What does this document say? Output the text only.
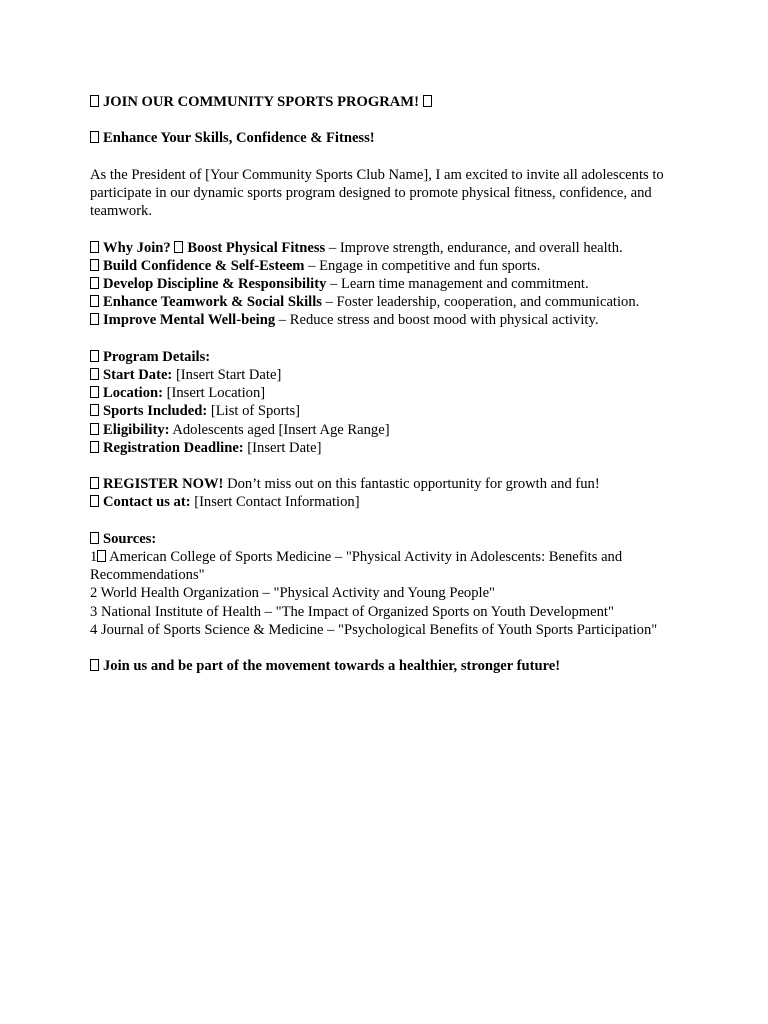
JOIN OUR COMMUNITY SPORTS PROGRAM!
Enhance Your Skills, Confidence & Fitness!
As the President of [Your Community Sports Club Name], I am excited to invite all adolescents to participate in our dynamic sports program designed to promote physical fitness, confidence, and teamwork.
Why Join? Boost Physical Fitness – Improve strength, endurance, and overall health.
Build Confidence & Self-Esteem – Engage in competitive and fun sports.
Develop Discipline & Responsibility – Learn time management and commitment.
Enhance Teamwork & Social Skills – Foster leadership, cooperation, and communication.
Improve Mental Well-being – Reduce stress and boost mood with physical activity.
Program Details:
Start Date: [Insert Start Date]
Location: [Insert Location]
Sports Included: [List of Sports]
Eligibility: Adolescents aged [Insert Age Range]
Registration Deadline: [Insert Date]
REGISTER NOW! Don’t miss out on this fantastic opportunity for growth and fun!
Contact us at: [Insert Contact Information]
Sources:
1 American College of Sports Medicine – "Physical Activity in Adolescents: Benefits and Recommendations"
2 World Health Organization – "Physical Activity and Young People"
3 National Institute of Health – "The Impact of Organized Sports on Youth Development"
4 Journal of Sports Science & Medicine – "Psychological Benefits of Youth Sports Participation"
Join us and be part of the movement towards a healthier, stronger future!
